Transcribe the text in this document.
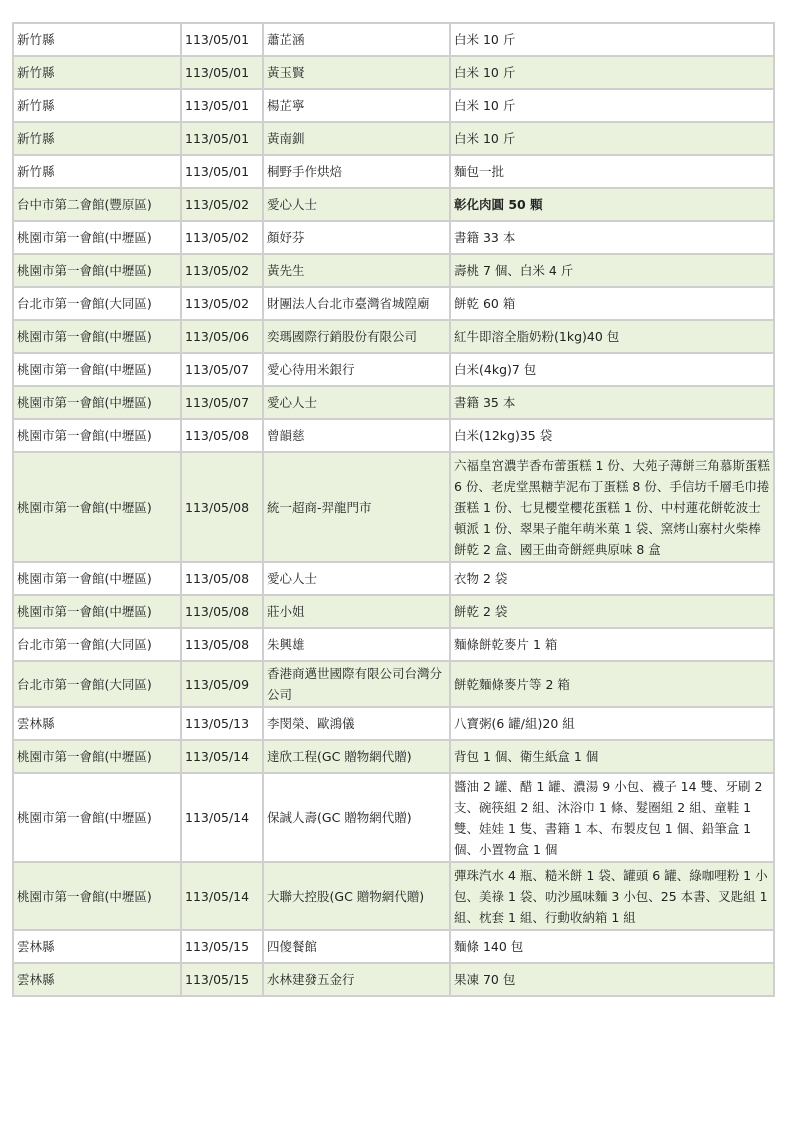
新竹縣	113/05/01	蕭芷涵	白米 10 斤
新竹縣	113/05/01	黃玉賢	白米 10 斤
新竹縣	113/05/01	楊芷寧	白米 10 斤
新竹縣	113/05/01	黃南釧	白米 10 斤
新竹縣	113/05/01	桐野手作烘焙	麵包一批
台中市第二會館(豐原區)	113/05/02	愛心人士	彰化肉圓 50 顆
桃園市第一會館(中壢區)	113/05/02	顏妤芬	書籍 33 本
桃園市第一會館(中壢區)	113/05/02	黃先生	壽桃 7 個、白米 4 斤
台北市第一會館(大同區)	113/05/02	財團法人台北市臺灣省城隍廟	餅乾 60 箱
桃園市第一會館(中壢區)	113/05/06	奕瑪國際行銷股份有限公司	紅牛即溶全脂奶粉(1kg)40 包
桃園市第一會館(中壢區)	113/05/07	愛心待用米銀行	白米(4kg)7 包
桃園市第一會館(中壢區)	113/05/07	愛心人士	書籍 35 本
桃園市第一會館(中壢區)	113/05/08	曾韻慈	白米(12kg)35 袋
桃園市第一會館(中壢區)	113/05/08	統一超商-羿龍門市	六福皇宮濃芋香布蕾蛋糕 1 份、大苑子薄餅三角慕斯蛋糕 6 份、老虎堂黑糖芋泥布丁蛋糕 8 份、手信坊千層毛巾捲蛋糕 1 份、七見櫻堂櫻花蛋糕 1 份、中村蓮花餅乾波士頓派 1 份、翠果子龍年萌米菓 1 袋、窯烤山寨村火柴棒餅乾 2 盒、國王曲奇餅經典原味 8 盒
桃園市第一會館(中壢區)	113/05/08	愛心人士	衣物 2 袋
桃園市第一會館(中壢區)	113/05/08	莊小姐	餅乾 2 袋
台北市第一會館(大同區)	113/05/08	朱興雄	麵條餅乾麥片 1 箱
台北市第一會館(大同區)	113/05/09	香港商邁世國際有限公司台灣分公司	餅乾麵條麥片等 2 箱
雲林縣	113/05/13	李閔榮、歐鴻儀	八寶粥(6 罐/組)20 組
桃園市第一會館(中壢區)	113/05/14	達欣工程(GC 贈物網代贈)	背包 1 個、衛生紙盒 1 個
桃園市第一會館(中壢區)	113/05/14	保誠人壽(GC 贈物網代贈)	醬油 2 罐、醋 1 罐、濃湯 9 小包、襪子 14 雙、牙刷 2 支、碗筷組 2 組、沐浴巾 1 條、髮圈組 2 組、童鞋 1 雙、娃娃 1 隻、書籍 1 本、布製皮包 1 個、鉛筆盒 1 個、小置物盒 1 個
桃園市第一會館(中壢區)	113/05/14	大聯大控股(GC 贈物網代贈)	彈珠汽水 4 瓶、糙米餅 1 袋、罐頭 6 罐、綠咖哩粉 1 小包、美祿 1 袋、叻沙風味麵 3 小包、25 本書、叉匙組 1 組、枕套 1 組、行動收納箱 1 組
雲林縣	113/05/15	四傻餐館	麵條 140 包
雲林縣	113/05/15	水林建發五金行	果凍 70 包
